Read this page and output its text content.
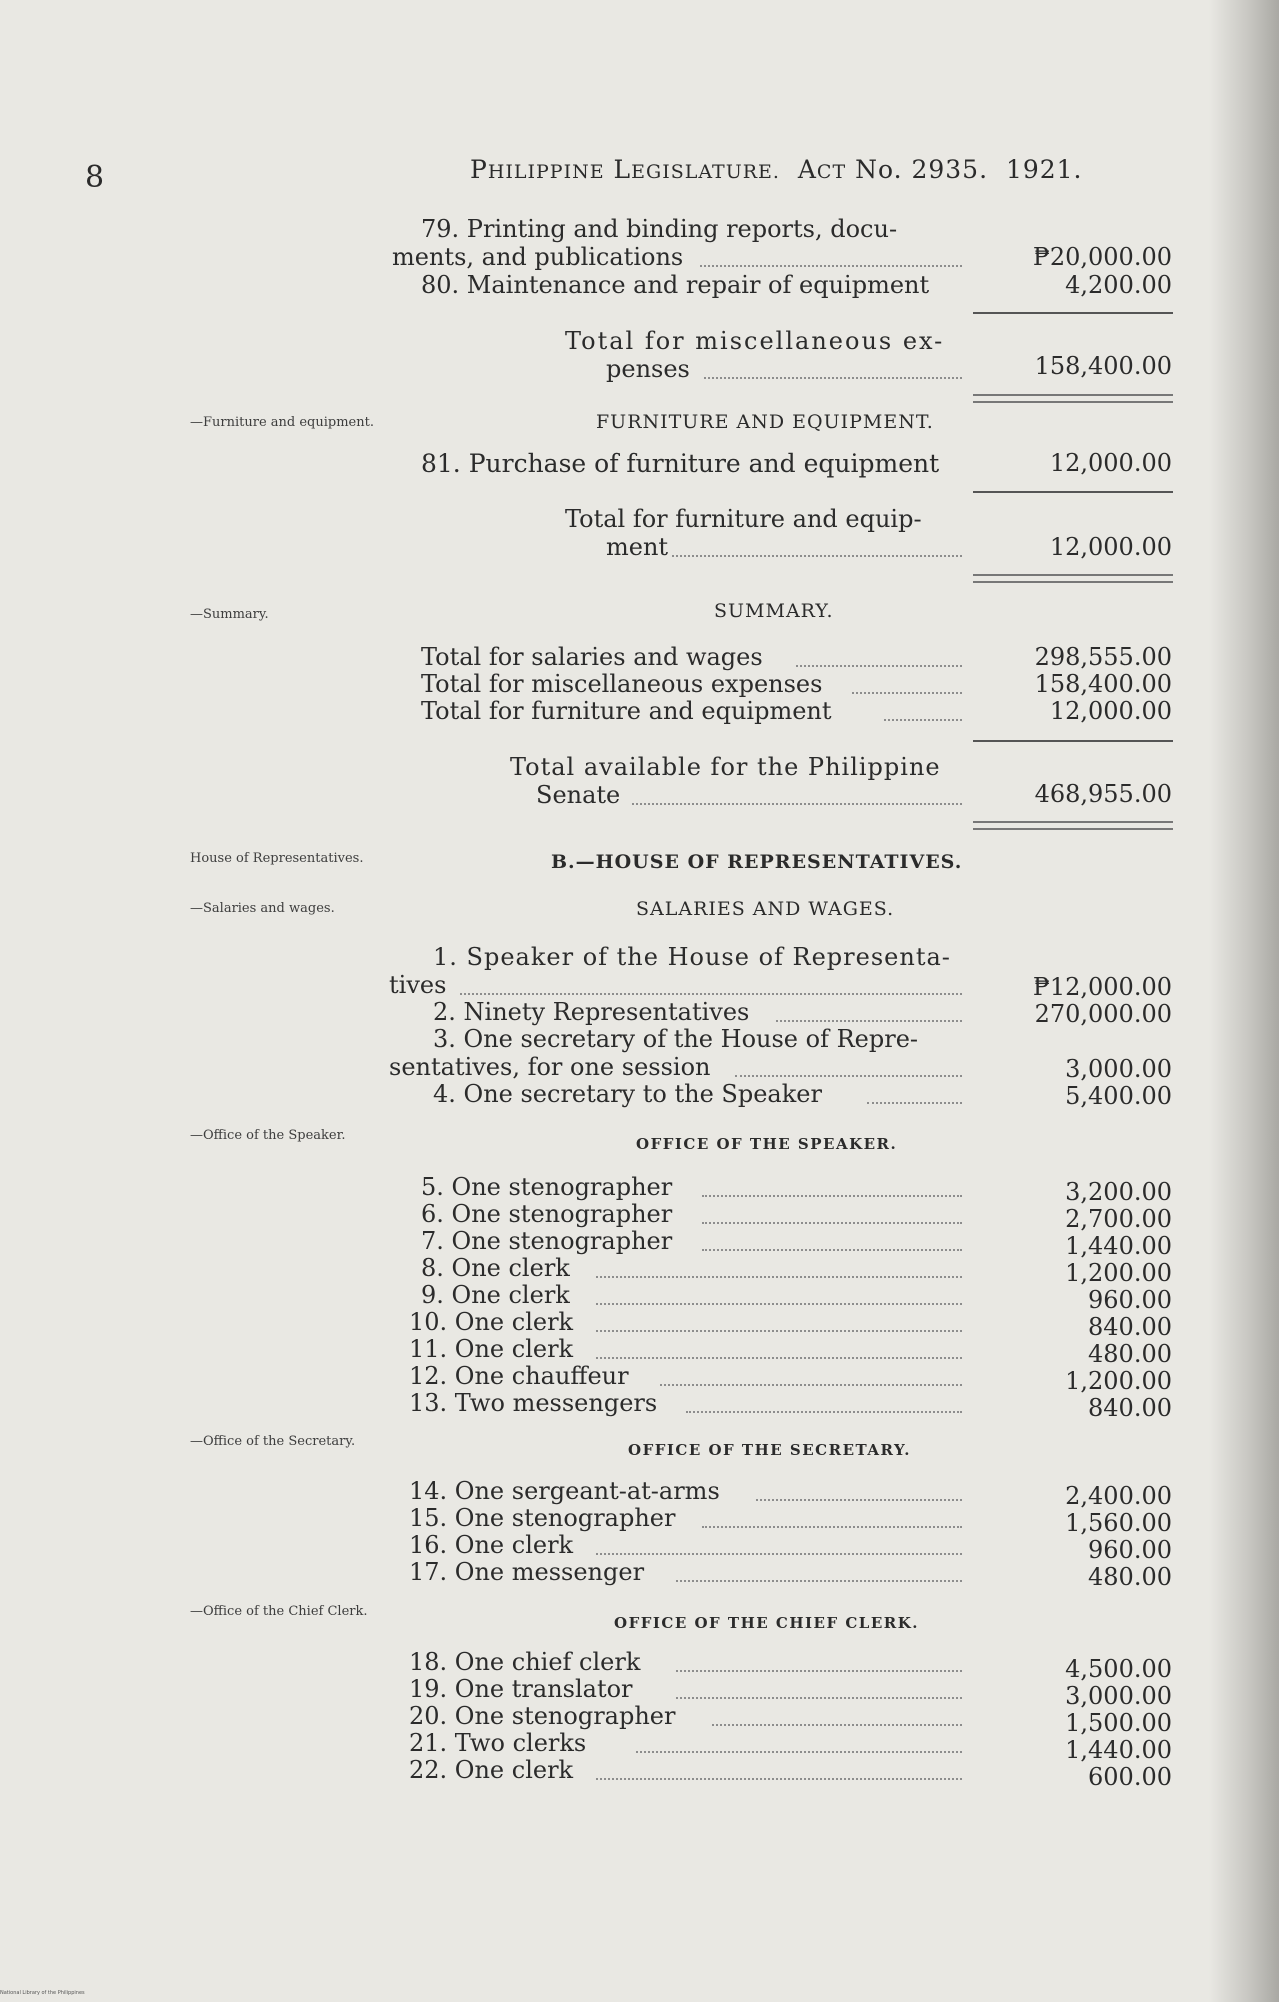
8	PHILIPPINE LEGISLATURE. ACT No. 2935. 1921.
79. Printing and binding reports, docu-
ments, and publications	₱20,000.00
80. Maintenance and repair of equipment	4,200.00
Total for miscellaneous ex-
penses	158,400.00
—Furniture and equipment.	FURNITURE AND EQUIPMENT.
81. Purchase of furniture and equipment	12,000.00
Total for furniture and equip-
ment	12,000.00
—Summary.	SUMMARY.
Total for salaries and wages	298,555.00
Total for miscellaneous expenses	158,400.00
Total for furniture and equipment	12,000.00
Total available for the Philippine
Senate	468,955.00
House of Representatives.	B.—HOUSE OF REPRESENTATIVES.
—Salaries and wages.	SALARIES AND WAGES.
1. Speaker of the House of Representa-
tives	₱12,000.00
2. Ninety Representatives	270,000.00
3. One secretary of the House of Repre-
sentatives, for one session	3,000.00
4. One secretary to the Speaker	5,400.00
—Office of the Speaker.	OFFICE OF THE SPEAKER.
5. One stenographer	3,200.00
6. One stenographer	2,700.00
7. One stenographer	1,440.00
8. One clerk	1,200.00
9. One clerk	960.00
10. One clerk	840.00
11. One clerk	480.00
12. One chauffeur	1,200.00
13. Two messengers	840.00
—Office of the Secretary.	OFFICE OF THE SECRETARY.
14. One sergeant-at-arms	2,400.00
15. One stenographer	1,560.00
16. One clerk	960.00
17. One messenger	480.00
—Office of the Chief Clerk.
OFFICE OF THE CHIEF CLERK.
18. One chief clerk	4,500.00
19. One translator	3,000.00
20. One stenographer	1,500.00
21. Two clerks	1,440.00
22. One clerk	600.00
National Library of the Philippines
